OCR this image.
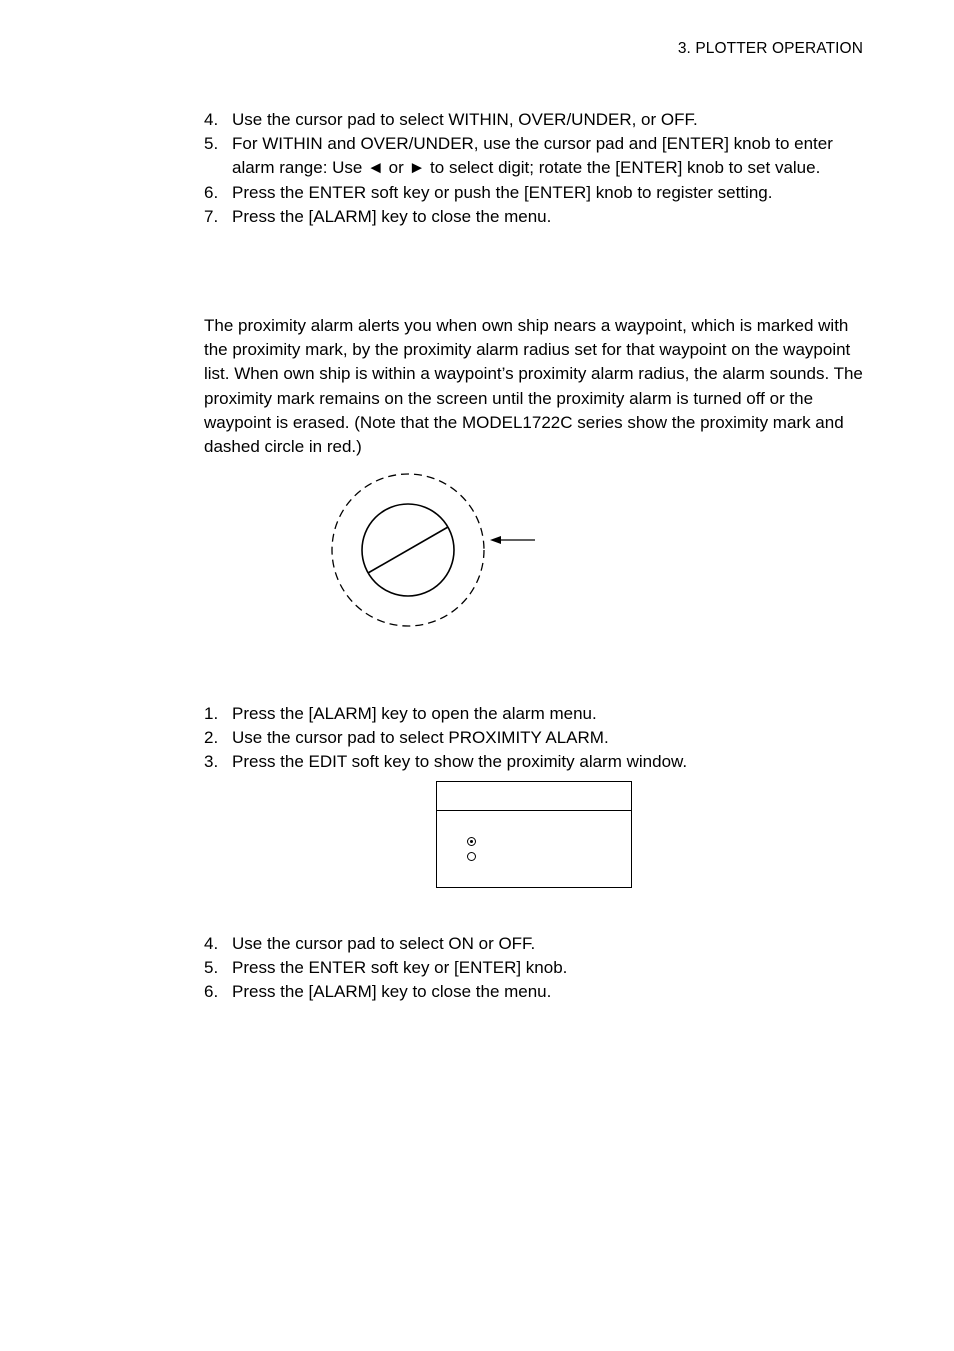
3. PLOTTER OPERATION
4. Use the cursor pad to select WITHIN, OVER/UNDER, or OFF.
5. For WITHIN and OVER/UNDER, use the cursor pad and [ENTER] knob to enter alarm range: Use ◄ or ► to select digit; rotate the [ENTER] knob to set value.
6. Press the ENTER soft key or push the [ENTER] knob to register setting.
7. Press the [ALARM] key to close the menu.

The proximity alarm alerts you when own ship nears a waypoint, which is marked with the proximity mark, by the proximity alarm radius set for that waypoint on the waypoint list. When own ship is within a waypoint’s proximity alarm radius, the alarm sounds. The proximity mark remains on the screen until the proximity alarm is turned off or the waypoint is erased. (Note that the MODEL1722C series show the proximity mark and dashed circle in red.)

1. Press the [ALARM] key to open the alarm menu.
2. Use the cursor pad to select PROXIMITY ALARM.
3. Press the EDIT soft key to show the proximity alarm window.
4. Use the cursor pad to select ON or OFF.
5. Press the ENTER soft key or [ENTER] knob.
6. Press the [ALARM] key to close the menu.
